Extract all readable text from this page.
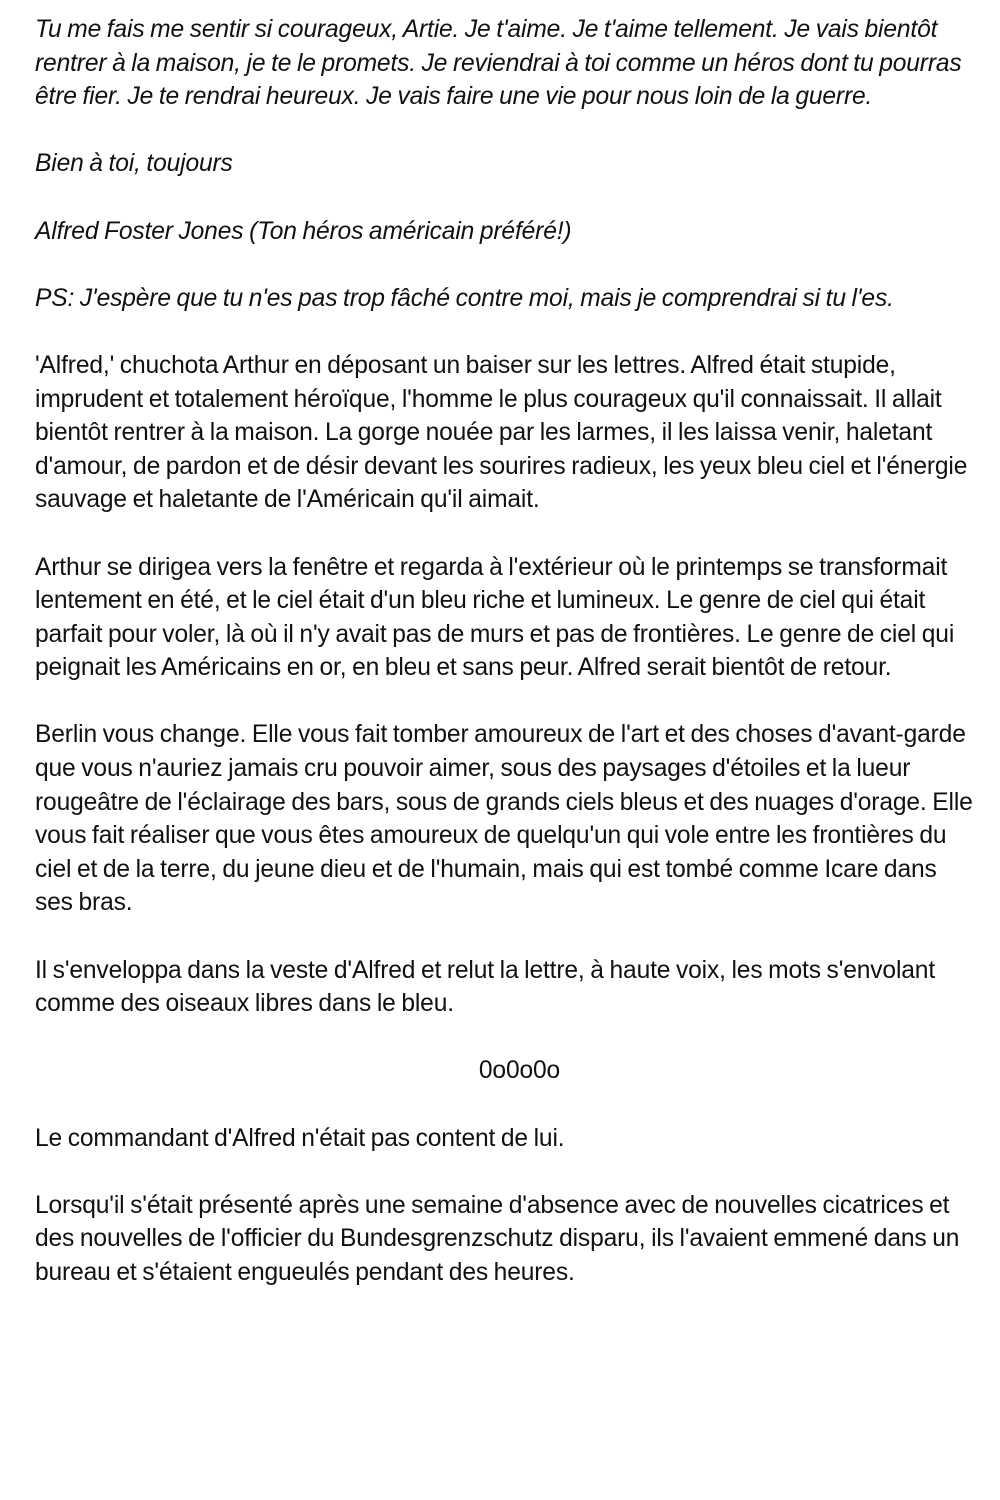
Tu me fais me sentir si courageux, Artie. Je t'aime. Je t'aime tellement. Je vais bientôt rentrer à la maison, je te le promets. Je reviendrai à toi comme un héros dont tu pourras être fier. Je te rendrai heureux. Je vais faire une vie pour nous loin de la guerre.

Bien à toi, toujours

Alfred Foster Jones (Ton héros américain préféré!)

PS: J'espère que tu n'es pas trop fâché contre moi, mais je comprendrai si tu l'es.

'Alfred,' chuchota Arthur en déposant un baiser sur les lettres. Alfred était stupide, imprudent et totalement héroïque, l'homme le plus courageux qu'il connaissait. Il allait bientôt rentrer à la maison. La gorge nouée par les larmes, il les laissa venir, haletant d'amour, de pardon et de désir devant les sourires radieux, les yeux bleu ciel et l'énergie sauvage et haletante de l'Américain qu'il aimait.

Arthur se dirigea vers la fenêtre et regarda à l'extérieur où le printemps se transformait lentement en été, et le ciel était d'un bleu riche et lumineux. Le genre de ciel qui était parfait pour voler, là où il n'y avait pas de murs et pas de frontières. Le genre de ciel qui peignait les Américains en or, en bleu et sans peur. Alfred serait bientôt de retour.

Berlin vous change. Elle vous fait tomber amoureux de l'art et des choses d'avant-garde que vous n'auriez jamais cru pouvoir aimer, sous des paysages d'étoiles et la lueur rougeâtre de l'éclairage des bars, sous de grands ciels bleus et des nuages d'orage. Elle vous fait réaliser que vous êtes amoureux de quelqu'un qui vole entre les frontières du ciel et de la terre, du jeune dieu et de l'humain, mais qui est tombé comme Icare dans ses bras.

Il s'enveloppa dans la veste d'Alfred et relut la lettre, à haute voix, les mots s'envolant comme des oiseaux libres dans le bleu.

0o0o0o

Le commandant d'Alfred n'était pas content de lui.

Lorsqu'il s'était présenté après une semaine d'absence avec de nouvelles cicatrices et des nouvelles de l'officier du Bundesgrenzschutz disparu, ils l'avaient emmené dans un bureau et s'étaient engueulés pendant des heures.
